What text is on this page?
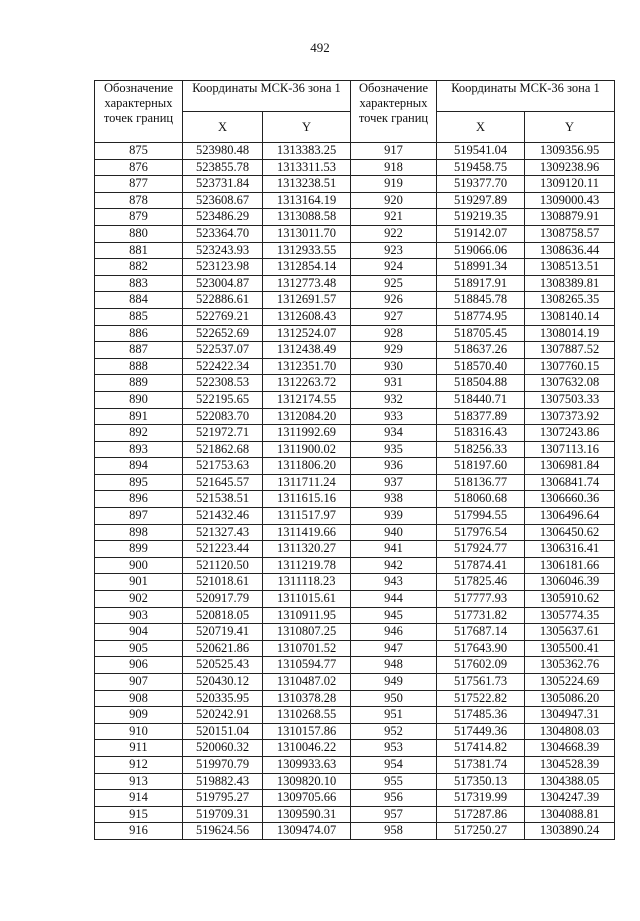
492
Обозначение характерных точек границ	Координаты МСК-36 зона 1		Обозначение характерных точек границ	Координаты МСК-36 зона 1	
	X	Y		X	Y
875	523980.48	1313383.25	917	519541.04	1309356.95
876	523855.78	1313311.53	918	519458.75	1309238.96
877	523731.84	1313238.51	919	519377.70	1309120.11
878	523608.67	1313164.19	920	519297.89	1309000.43
879	523486.29	1313088.58	921	519219.35	1308879.91
880	523364.70	1313011.70	922	519142.07	1308758.57
881	523243.93	1312933.55	923	519066.06	1308636.44
882	523123.98	1312854.14	924	518991.34	1308513.51
883	523004.87	1312773.48	925	518917.91	1308389.81
884	522886.61	1312691.57	926	518845.78	1308265.35
885	522769.21	1312608.43	927	518774.95	1308140.14
886	522652.69	1312524.07	928	518705.45	1308014.19
887	522537.07	1312438.49	929	518637.26	1307887.52
888	522422.34	1312351.70	930	518570.40	1307760.15
889	522308.53	1312263.72	931	518504.88	1307632.08
890	522195.65	1312174.55	932	518440.71	1307503.33
891	522083.70	1312084.20	933	518377.89	1307373.92
892	521972.71	1311992.69	934	518316.43	1307243.86
893	521862.68	1311900.02	935	518256.33	1307113.16
894	521753.63	1311806.20	936	518197.60	1306981.84
895	521645.57	1311711.24	937	518136.77	1306841.74
896	521538.51	1311615.16	938	518060.68	1306660.36
897	521432.46	1311517.97	939	517994.55	1306496.64
898	521327.43	1311419.66	940	517976.54	1306450.62
899	521223.44	1311320.27	941	517924.77	1306316.41
900	521120.50	1311219.78	942	517874.41	1306181.66
901	521018.61	1311118.23	943	517825.46	1306046.39
902	520917.79	1311015.61	944	517777.93	1305910.62
903	520818.05	1310911.95	945	517731.82	1305774.35
904	520719.41	1310807.25	946	517687.14	1305637.61
905	520621.86	1310701.52	947	517643.90	1305500.41
906	520525.43	1310594.77	948	517602.09	1305362.76
907	520430.12	1310487.02	949	517561.73	1305224.69
908	520335.95	1310378.28	950	517522.82	1305086.20
909	520242.91	1310268.55	951	517485.36	1304947.31
910	520151.04	1310157.86	952	517449.36	1304808.03
911	520060.32	1310046.22	953	517414.82	1304668.39
912	519970.79	1309933.63	954	517381.74	1304528.39
913	519882.43	1309820.10	955	517350.13	1304388.05
914	519795.27	1309705.66	956	517319.99	1304247.39
915	519709.31	1309590.31	957	517287.86	1304088.81
916	519624.56	1309474.07	958	517250.27	1303890.24
